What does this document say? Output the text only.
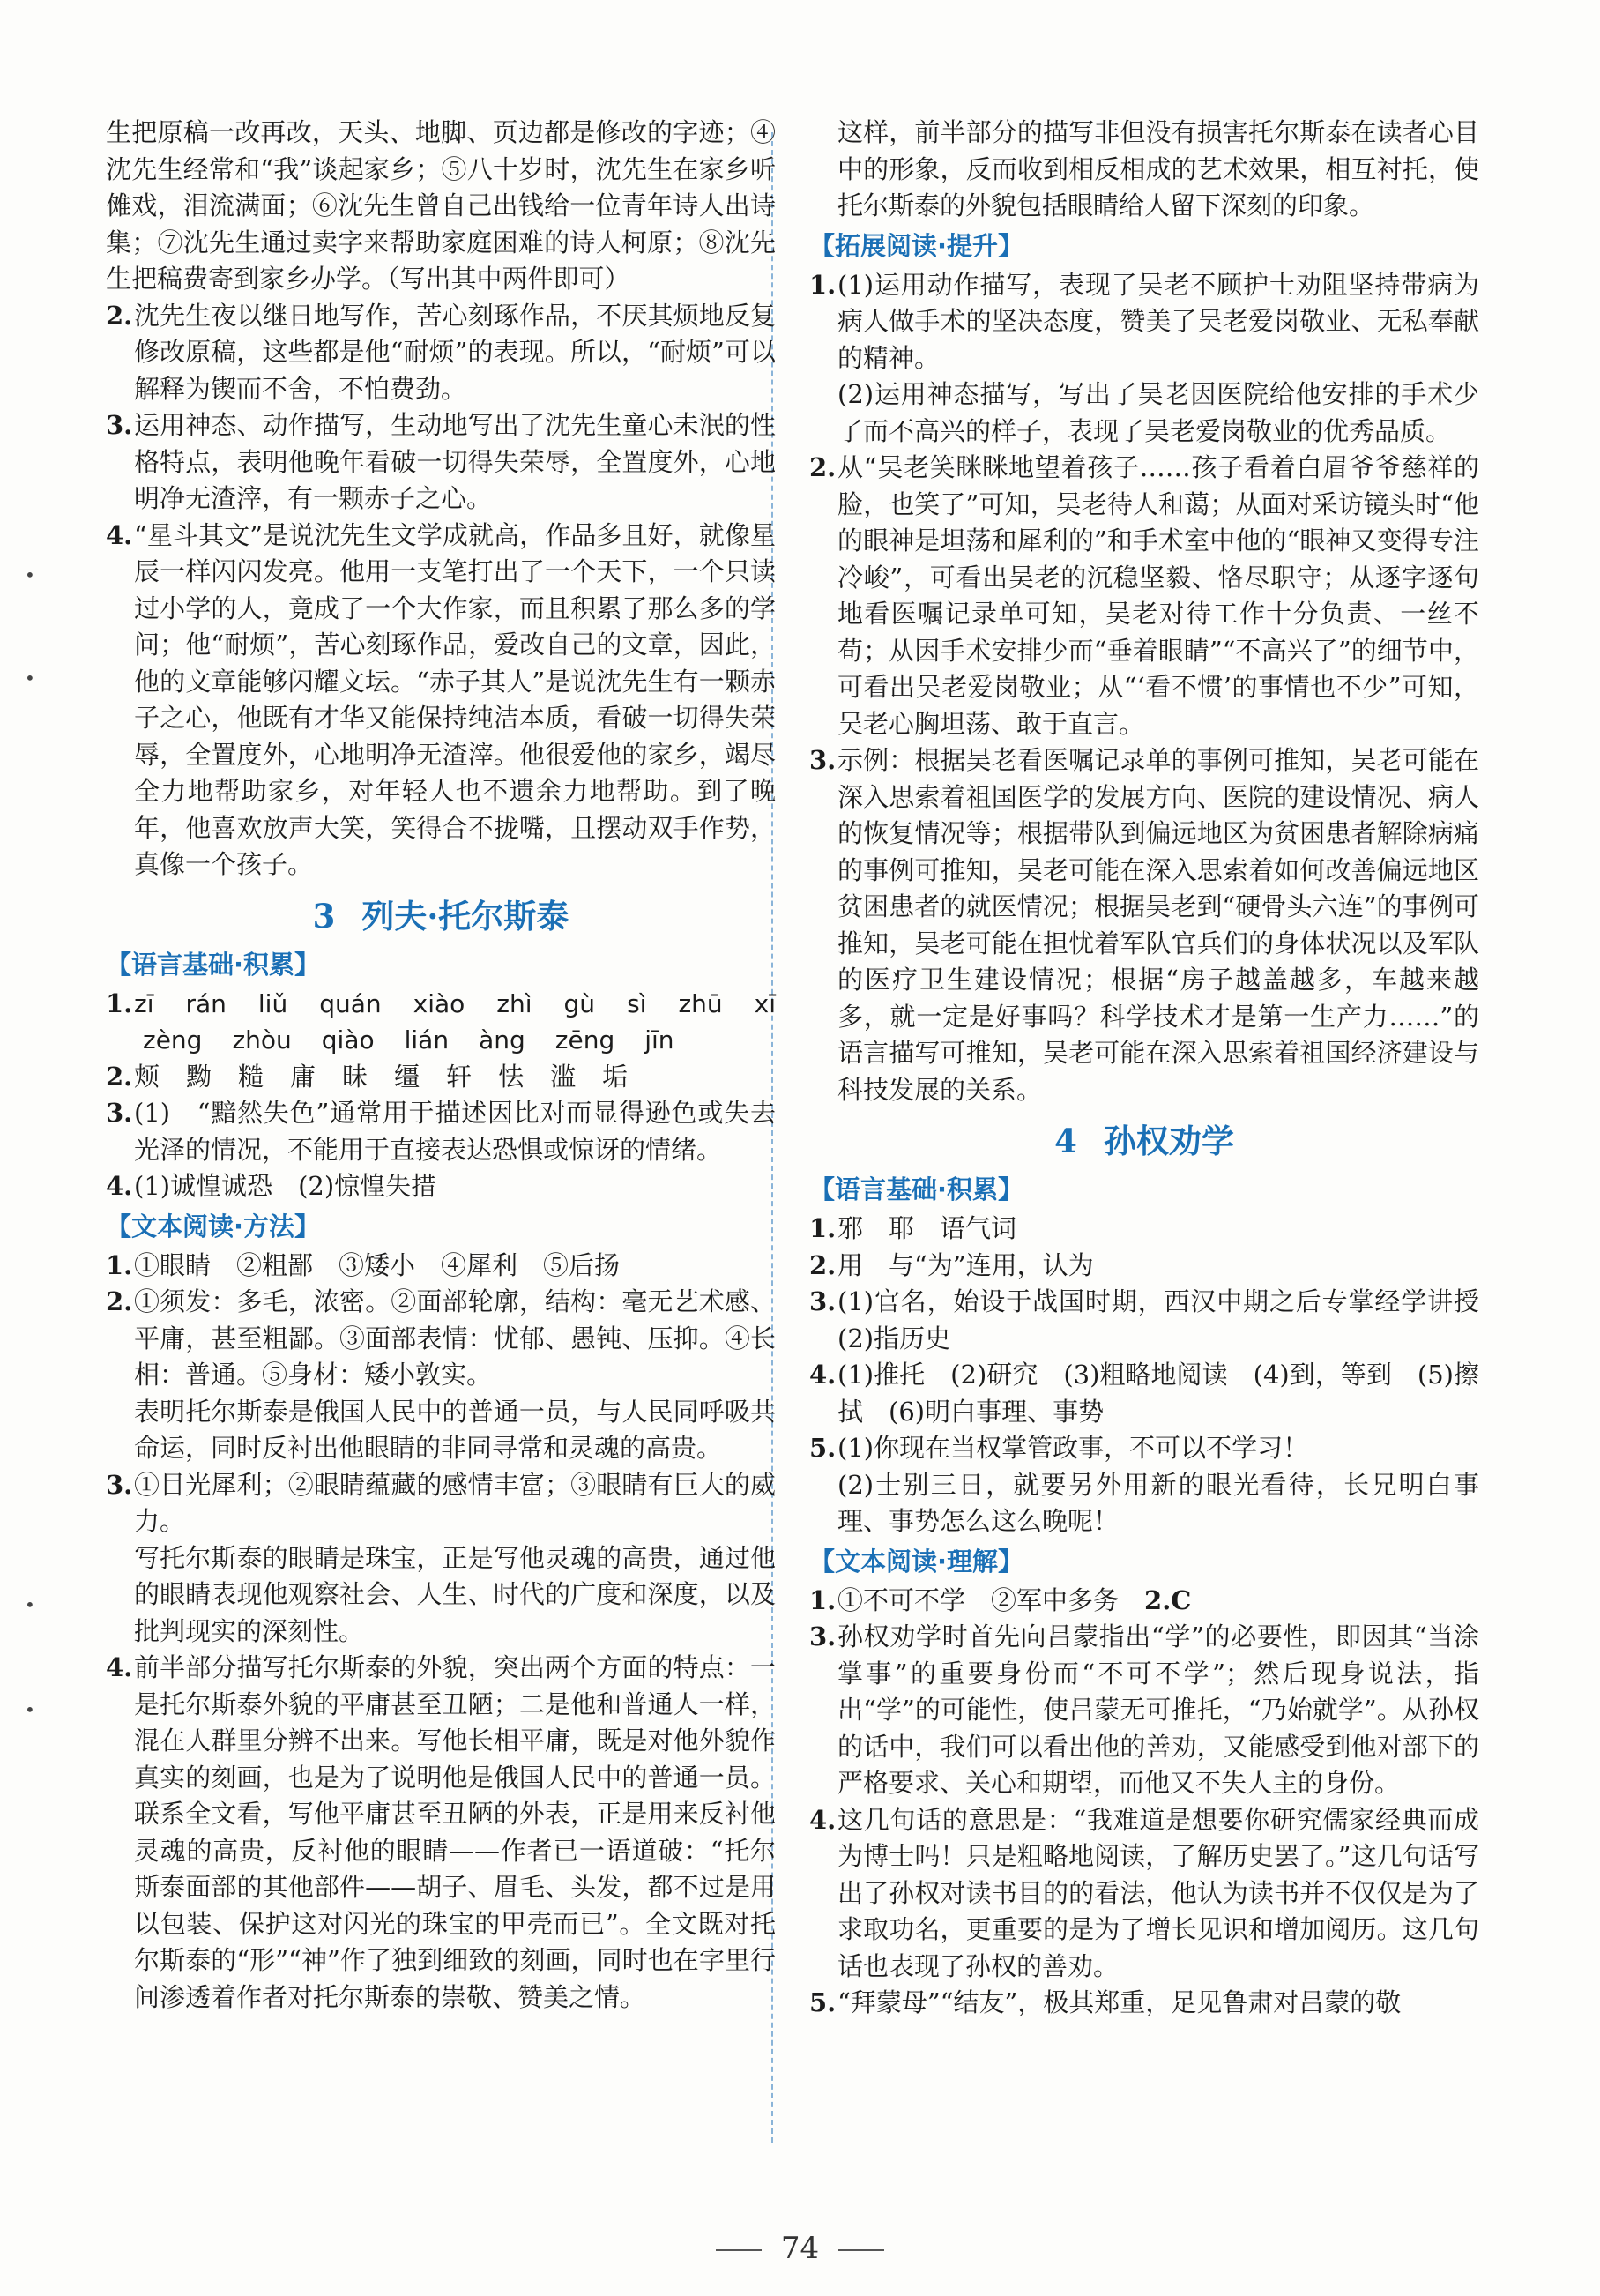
•
•
•
•
生把原稿一改再改，天头、地脚、页边都是修改的字迹；④沈先生经常和“我”谈起家乡；⑤八十岁时，沈先生在家乡听傩戏，泪流满面；⑥沈先生曾自己出钱给一位青年诗人出诗集；⑦沈先生通过卖字来帮助家庭困难的诗人柯原；⑧沈先生把稿费寄到家乡办学。（写出其中两件即可）
2. 沈先生夜以继日地写作，苦心刻琢作品，不厌其烦地反复修改原稿，这些都是他“耐烦”的表现。所以，“耐烦”可以解释为锲而不舍，不怕费劲。
3. 运用神态、动作描写，生动地写出了沈先生童心未泯的性格特点，表明他晚年看破一切得失荣辱，全置度外，心地明净无渣滓，有一颗赤子之心。
4. “星斗其文”是说沈先生文学成就高，作品多且好，就像星辰一样闪闪发亮。他用一支笔打出了一个天下，一个只读过小学的人，竟成了一个大作家，而且积累了那么多的学问；他“耐烦”，苦心刻琢作品，爱改自己的文章，因此，他的文章能够闪耀文坛。“赤子其人”是说沈先生有一颗赤子之心，他既有才华又能保持纯洁本质，看破一切得失荣辱，全置度外，心地明净无渣滓。他很爱他的家乡，竭尽全力地帮助家乡，对年轻人也不遗余力地帮助。到了晚年，他喜欢放声大笑，笑得合不拢嘴，且摆动双手作势，真像一个孩子。
3 列夫·托尔斯泰
【语言基础·积累】
1. zī rán liǔ quán xiào zhì gù sì zhū xī
zèng zhòu qiào lián àng zēng jīn
2. 颊 黝 糙 庸 昧 缰 轩 怯 滥 垢
3. (1)　“黯然失色”通常用于描述因比对而显得逊色或失去光泽的情况，不能用于直接表达恐惧或惊讶的情绪。
4. (1)诚惶诚恐　(2)惊惶失措
【文本阅读·方法】
1. ①眼睛　②粗鄙　③矮小　④犀利　⑤后扬
2. ①须发：多毛，浓密。②面部轮廓，结构：毫无艺术感、平庸，甚至粗鄙。③面部表情：忧郁、愚钝、压抑。④长相：普通。⑤身材：矮小敦实。
表明托尔斯泰是俄国人民中的普通一员，与人民同呼吸共命运，同时反衬出他眼睛的非同寻常和灵魂的高贵。
3. ①目光犀利；②眼睛蕴藏的感情丰富；③眼睛有巨大的威力。
写托尔斯泰的眼睛是珠宝，正是写他灵魂的高贵，通过他的眼睛表现他观察社会、人生、时代的广度和深度，以及批判现实的深刻性。
4. 前半部分描写托尔斯泰的外貌，突出两个方面的特点：一是托尔斯泰外貌的平庸甚至丑陋；二是他和普通人一样，混在人群里分辨不出来。写他长相平庸，既是对他外貌作真实的刻画，也是为了说明他是俄国人民中的普通一员。联系全文看，写他平庸甚至丑陋的外表，正是用来反衬他灵魂的高贵，反衬他的眼睛——作者已一语道破：“托尔斯泰面部的其他部件——胡子、眉毛、头发，都不过是用以包装、保护这对闪光的珠宝的甲壳而已”。全文既对托尔斯泰的“形”“神”作了独到细致的刻画，同时也在字里行间渗透着作者对托尔斯泰的崇敬、赞美之情。
这样，前半部分的描写非但没有损害托尔斯泰在读者心目中的形象，反而收到相反相成的艺术效果，相互衬托，使托尔斯泰的外貌包括眼睛给人留下深刻的印象。
【拓展阅读·提升】
1. (1)运用动作描写，表现了吴老不顾护士劝阻坚持带病为病人做手术的坚决态度，赞美了吴老爱岗敬业、无私奉献的精神。
(2)运用神态描写，写出了吴老因医院给他安排的手术少了而不高兴的样子，表现了吴老爱岗敬业的优秀品质。
2. 从“吴老笑眯眯地望着孩子……孩子看着白眉爷爷慈祥的脸，也笑了”可知，吴老待人和蔼；从面对采访镜头时“他的眼神是坦荡和犀利的”和手术室中他的“眼神又变得专注冷峻”，可看出吴老的沉稳坚毅、恪尽职守；从逐字逐句地看医嘱记录单可知，吴老对待工作十分负责、一丝不苟；从因手术安排少而“垂着眼睛”“不高兴了”的细节中，可看出吴老爱岗敬业；从“‘看不惯’的事情也不少”可知，吴老心胸坦荡、敢于直言。
3. 示例：根据吴老看医嘱记录单的事例可推知，吴老可能在深入思索着祖国医学的发展方向、医院的建设情况、病人的恢复情况等；根据带队到偏远地区为贫困患者解除病痛的事例可推知，吴老可能在深入思索着如何改善偏远地区贫困患者的就医情况；根据吴老到“硬骨头六连”的事例可推知，吴老可能在担忧着军队官兵们的身体状况以及军队的医疗卫生建设情况；根据“房子越盖越多，车越来越多，就一定是好事吗？科学技术才是第一生产力……”的语言描写可推知，吴老可能在深入思索着祖国经济建设与科技发展的关系。
4 孙权劝学
【语言基础·积累】
1. 邪　耶　语气词
2. 用　与“为”连用，认为
3. (1)官名，始设于战国时期，西汉中期之后专掌经学讲授　(2)指历史
4. (1)推托　(2)研究　(3)粗略地阅读　(4)到，等到　(5)擦拭　(6)明白事理、事势
5. (1)你现在当权掌管政事，不可以不学习！
(2)士别三日，就要另外用新的眼光看待，长兄明白事理、事势怎么这么晚呢！
【文本阅读·理解】
1. ①不可不学　②军中多务　2.C
3. 孙权劝学时首先向吕蒙指出“学”的必要性，即因其“当涂掌事”的重要身份而“不可不学”；然后现身说法，指出“学”的可能性，使吕蒙无可推托，“乃始就学”。从孙权的话中，我们可以看出他的善劝，又能感受到他对部下的严格要求、关心和期望，而他又不失人主的身份。
4. 这几句话的意思是：“我难道是想要你研究儒家经典而成为博士吗！只是粗略地阅读，了解历史罢了。”这几句话写出了孙权对读书目的的看法，他认为读书并不仅仅是为了求取功名，更重要的是为了增长见识和增加阅历。这几句话也表现了孙权的善劝。
5. “拜蒙母”“结友”，极其郑重，足见鲁肃对吕蒙的敬
74
